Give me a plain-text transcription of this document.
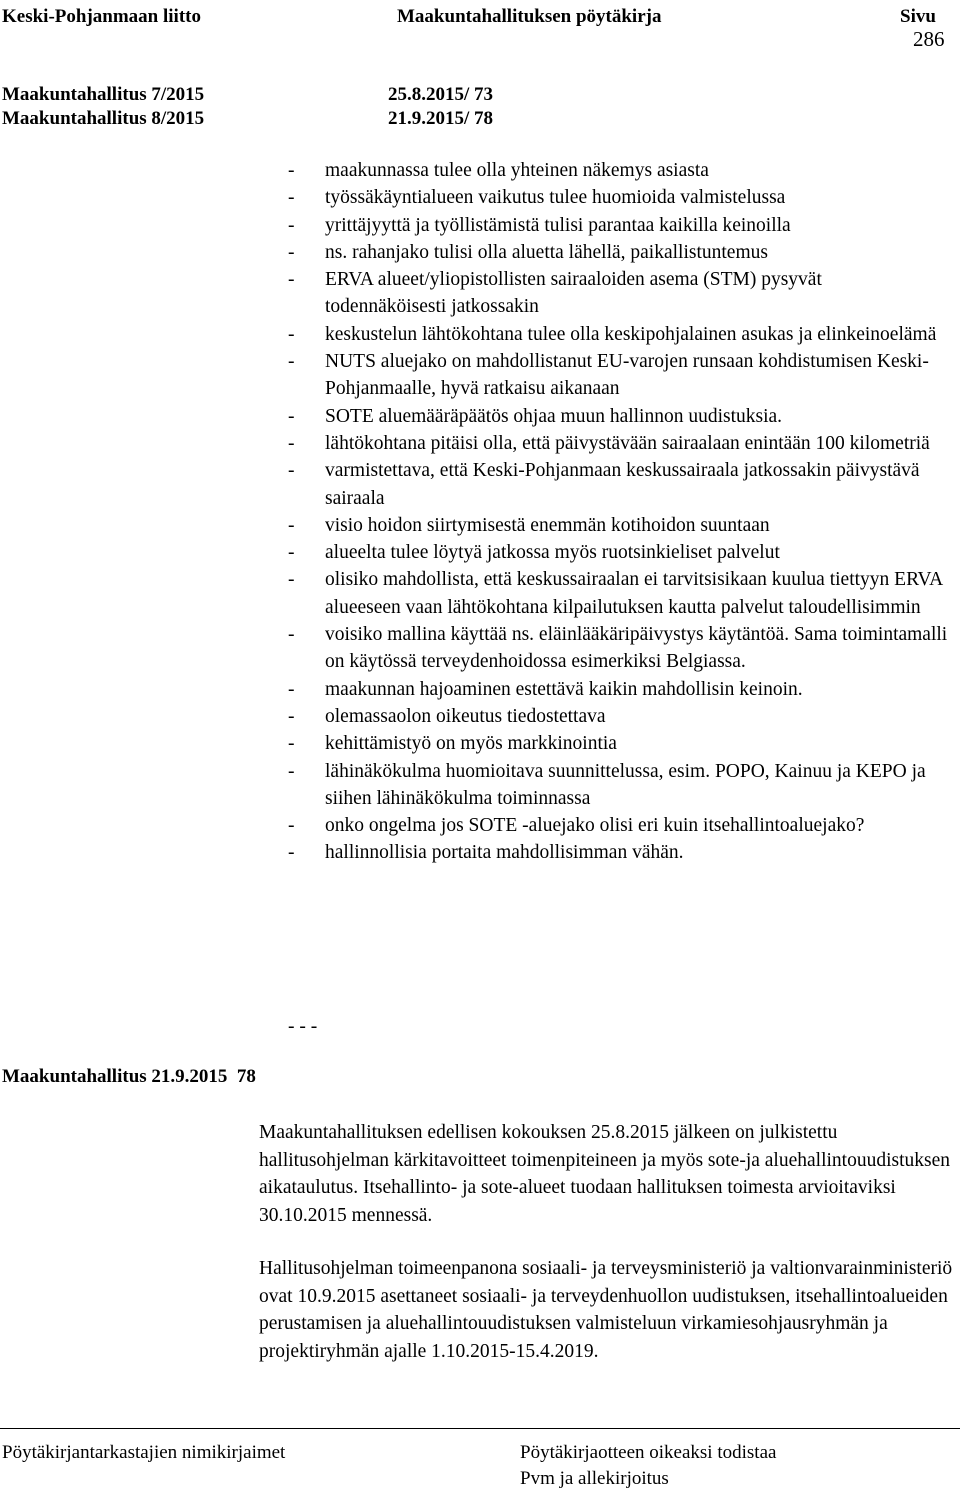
Keski-Pohjanmaan liitto	Maakuntahallituksen pöytäkirja	Sivu
286
Maakuntahallitus 7/2015	25.8.2015/ 73
Maakuntahallitus 8/2015	21.9.2015/ 78
- maakunnassa tulee olla yhteinen näkemys asiasta
- työssäkäyntialueen vaikutus tulee huomioida valmistelussa
- yrittäjyyttä ja työllistämistä tulisi parantaa kaikilla keinoilla
- ns. rahanjako tulisi olla aluetta lähellä, paikallistuntemus
- ERVA alueet/yliopistollisten sairaaloiden asema (STM) pysyvät todennäköisesti jatkossakin
- keskustelun lähtökohtana tulee olla keskipohjalainen asukas ja elinkeinoelämä
- NUTS aluejako on mahdollistanut EU-varojen runsaan kohdistumisen Keski-Pohjanmaalle, hyvä ratkaisu aikanaan
- SOTE aluemääräpäätös ohjaa muun hallinnon uudistuksia.
- lähtökohtana pitäisi olla, että päivystävään sairaalaan enintään 100 kilometriä
- varmistettava, että Keski-Pohjanmaan keskussairaala jatkossakin päivystävä sairaala
- visio hoidon siirtymisestä enemmän kotihoidon suuntaan
- alueelta tulee löytyä jatkossa myös ruotsinkieliset palvelut
- olisiko mahdollista, että keskussairaalan ei tarvitsisikaan kuulua tiettyyn ERVA alueeseen vaan lähtökohtana kilpailutuksen kautta palvelut taloudellisimmin
- voisiko mallina käyttää ns. eläinlääkäripäivystys käytäntöä. Sama toimintamalli on käytössä terveydenhoidossa esimerkiksi Belgiassa.
- maakunnan hajoaminen estettävä kaikin mahdollisin keinoin.
- olemassaolon oikeutus tiedostettava
- kehittämistyö on myös markkinointia
- lähinäkökulma huomioitava suunnittelussa, esim. POPO, Kainuu ja KEPO ja siihen lähinäkökulma toiminnassa
- onko ongelma jos SOTE -aluejako olisi eri kuin itsehallintoaluejako?
- hallinnollisia portaita mahdollisimman vähän.
- - -
Maakuntahallitus 21.9.2015  78
Maakuntahallituksen edellisen kokouksen 25.8.2015 jälkeen on julkistettu hallitusohjelman kärkitavoitteet toimenpiteineen ja myös sote-ja aluehallintouudistuksen aikataulutus. Itsehallinto- ja sote-alueet tuodaan hallituksen toimesta arvioitaviksi 30.10.2015 mennessä.
Hallitusohjelman toimeenpanona sosiaali- ja terveysministeriö ja valtionvarainministeriö ovat 10.9.2015 asettaneet sosiaali- ja terveydenhuollon uudistuksen, itsehallintoalueiden perustamisen ja aluehallintouudistuksen valmisteluun virkamiesohjausryhmän ja projektiryhmän ajalle 1.10.2015-15.4.2019.
Pöytäkirjantarkastajien nimikirjaimet	Pöytäkirjaotteen oikeaksi todistaa
Pvm ja allekirjoitus
